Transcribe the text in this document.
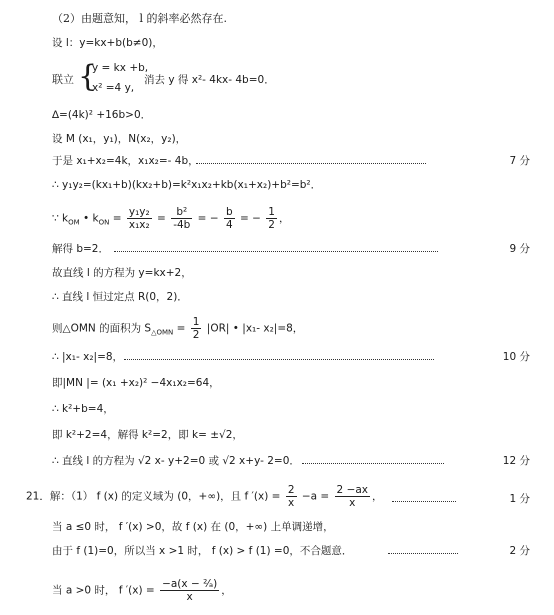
（2）由题意知， l 的斜率必然存在.
设 l：y=kx+b(b≠0)，
联立 {
y = kx +b,
x² =4 y,
消去 y 得 x²- 4kx- 4b=0．
∆=(4k)² +16b>0．
设 M (x₁，y₁)，N(x₂，y₂)，
于是 x₁+x₂=4k，x₁x₂=- 4b，	7 分
∴ y₁y₂=(kx₁+b)(kx₂+b)=k²x₁x₂+kb(x₁+x₂)+b²=b²．
∵ $k_{OM}$ • $k_{ON} = \frac{\text{y₁y₂}}{\text{x₁x₂}} = \frac{\text{b²}}{-4b}$ = − $\frac{b}{4}$ = − $\frac{1}{2}$ ，
解得 b=2．	9 分
故直线 l 的方程为 y=kx+2，
∴ 直线 l 恒过定点 R(0，2)．
则△OMN 的面积为 $S_{\triangle OMN} = \frac{1}{2} |OR|$ • |x₁- x₂|=8，
∴ |x₁- x₂|=8，	10 分
即|MN |= (x₁ +x₂)² −4x₁x₂=64，
∴ k²+b=4，
即 k²+2=4，解得 k²=2，即 k= ±√2，
∴ 直线 l 的方程为 √2 x- y+2=0 或 √2 x+y- 2=0．	12 分
21．解：（1） f (x) 的定义域为 (0，+∞)，且 f $'(x) = \frac{2}{x} -a = \frac{2 -ax}{x}$ ，	1 分
当 a ≤0 时， f ′(x) >0，故 f (x) 在 (0，+∞) 上单调递增，
由于 f (1)=0，所以当 x >1 时， f (x) > f (1) =0，不合题意．	2 分
当 a >0 时， f $'(x) = \frac{\text{−a(x − ²⁄ₐ)}}{x}$ ，
